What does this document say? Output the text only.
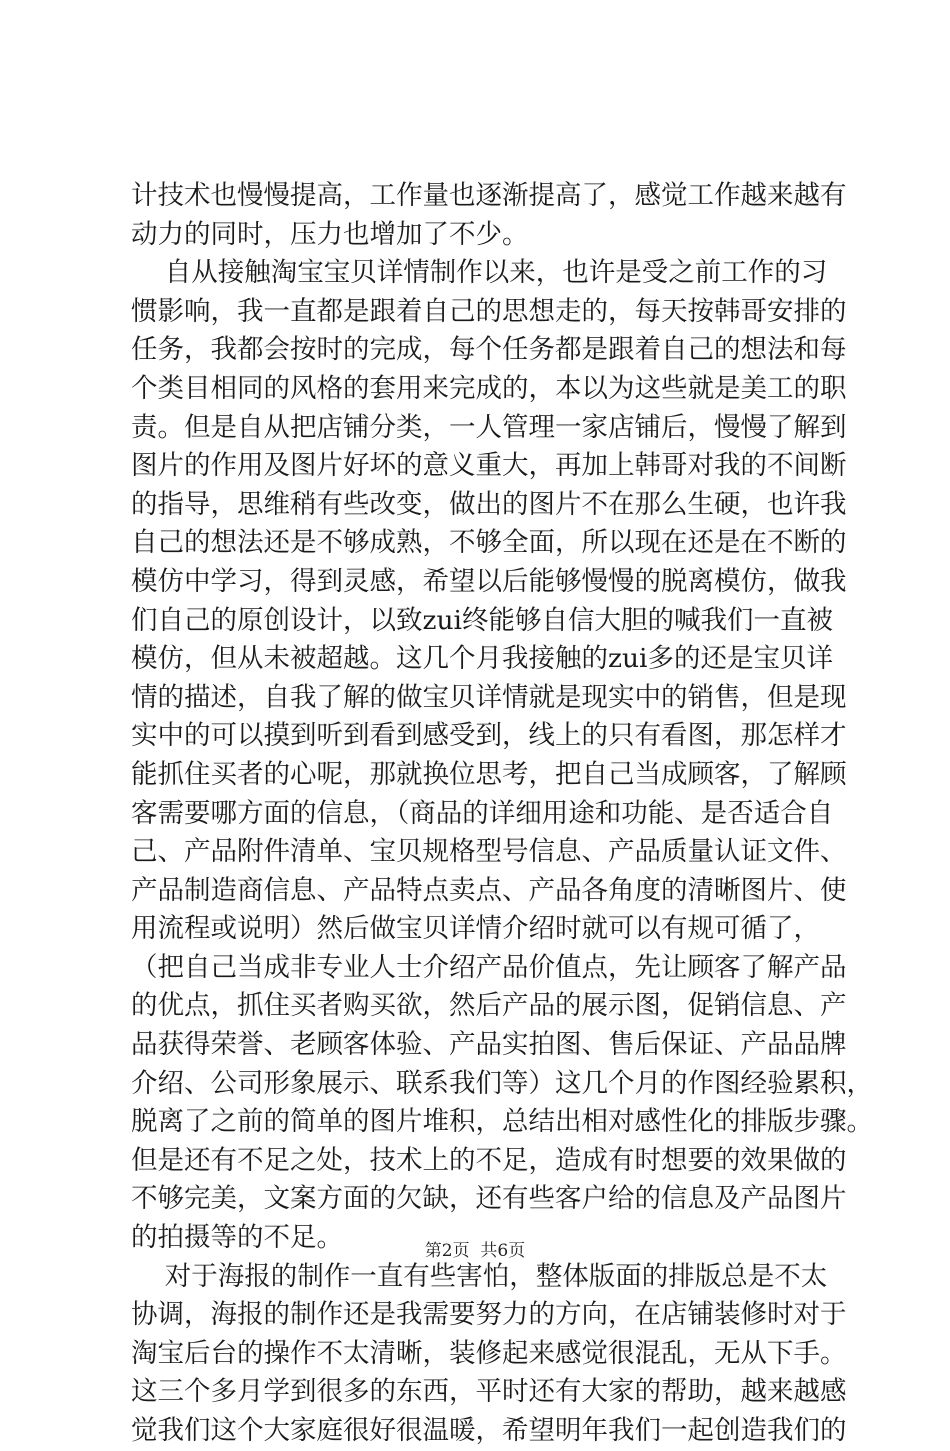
计技术也慢慢提高，工作量也逐渐提高了，感觉工作越来越有
动力的同时，压力也增加了不少。
自从接触淘宝宝贝详情制作以来，也许是受之前工作的习
惯影响，我一直都是跟着自己的思想走的，每天按韩哥安排的
任务，我都会按时的完成，每个任务都是跟着自己的想法和每
个类目相同的风格的套用来完成的，本以为这些就是美工的职
责。但是自从把店铺分类，一人管理一家店铺后，慢慢了解到
图片的作用及图片好坏的意义重大，再加上韩哥对我的不间断
的指导，思维稍有些改变，做出的图片不在那么生硬，也许我
自己的想法还是不够成熟，不够全面，所以现在还是在不断的
模仿中学习，得到灵感，希望以后能够慢慢的脱离模仿，做我
们自己的原创设计，以致zui终能够自信大胆的喊我们一直被
模仿，但从未被超越。这几个月我接触的zui多的还是宝贝详
情的描述，自我了解的做宝贝详情就是现实中的销售，但是现
实中的可以摸到听到看到感受到，线上的只有看图，那怎样才
能抓住买者的心呢，那就换位思考，把自己当成顾客，了解顾
客需要哪方面的信息，（商品的详细用途和功能、是否适合自
己、产品附件清单、宝贝规格型号信息、产品质量认证文件、
产品制造商信息、产品特点卖点、产品各角度的清晰图片、使
用流程或说明）然后做宝贝详情介绍时就可以有规可循了，
（把自己当成非专业人士介绍产品价值点，先让顾客了解产品
的优点，抓住买者购买欲，然后产品的展示图，促销信息、产
品获得荣誉、老顾客体验、产品实拍图、售后保证、产品品牌
介绍、公司形象展示、联系我们等）这几个月的作图经验累积，
脱离了之前的简单的图片堆积，总结出相对感性化的排版步骤。
但是还有不足之处，技术上的不足，造成有时想要的效果做的
不够完美，文案方面的欠缺，还有些客户给的信息及产品图片
的拍摄等的不足。
对于海报的制作一直有些害怕，整体版面的排版总是不太
协调，海报的制作还是我需要努力的方向，在店铺装修时对于
淘宝后台的操作不太清晰，装修起来感觉很混乱，无从下手。
这三个多月学到很多的东西，平时还有大家的帮助，越来越感
觉我们这个大家庭很好很温暖，希望明年我们一起创造我们的
第2页  共6页
